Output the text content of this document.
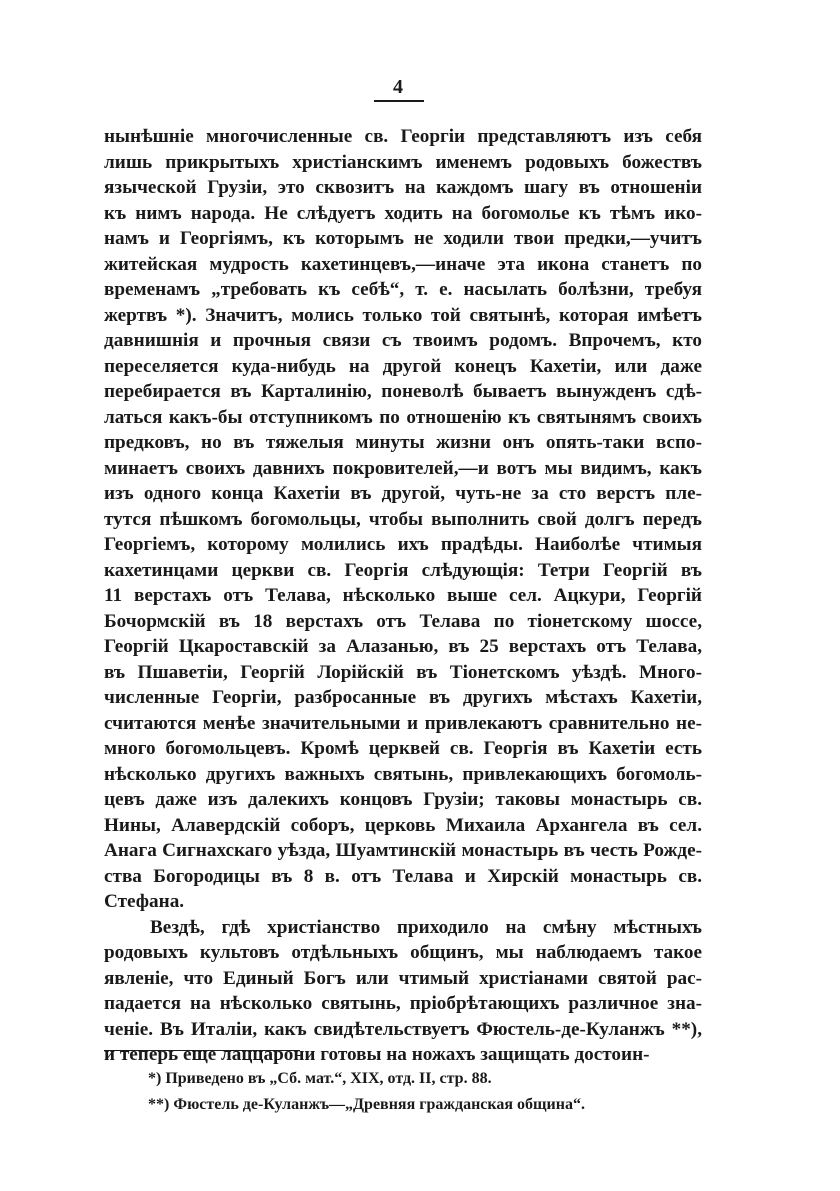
4
нынѣшніе многочисленные св. Георгіи представляютъ изъ себя
лишь прикрытыхъ христіанскимъ именемъ родовыхъ божествъ
языческой Грузіи, это сквозитъ на каждомъ шагу въ отношеніи
къ нимъ народа. Не слѣдуетъ ходить на богомолье къ тѣмъ ико-
намъ и Георгіямъ, къ которымъ не ходили твои предки,—учитъ
житейская мудрость кахетинцевъ,—иначе эта икона станетъ по
временамъ „требовать къ себѣ“, т. е. насылать болѣзни, требуя
жертвъ *). Значитъ, молись только той святынѣ, которая имѣетъ
давнишнія и прочныя связи съ твоимъ родомъ. Впрочемъ, кто
переселяется куда-нибудь на другой конецъ Кахетіи, или даже
перебирается въ Карталинію, поневолѣ бываетъ вынужденъ сдѣ-
латься какъ-бы отступникомъ по отношенію къ святынямъ своихъ
предковъ, но въ тяжелыя минуты жизни онъ опять-таки вспо-
минаетъ своихъ давнихъ покровителей,—и вотъ мы видимъ, какъ
изъ одного конца Кахетіи въ другой, чуть-не за сто верстъ пле-
тутся пѣшкомъ богомольцы, чтобы выполнить свой долгъ передъ
Георгіемъ, которому молились ихъ прадѣды. Наиболѣе чтимыя
кахетинцами церкви св. Георгія слѣдующія: Тетри Георгій въ
11 верстахъ отъ Телава, нѣсколько выше сел. Ацкури, Георгій
Бочормскій въ 18 верстахъ отъ Телава по тіонетскому шоссе,
Георгій Цкароставскій за Алазанью, въ 25 верстахъ отъ Телава,
въ Пшаветіи, Георгій Лорійскій въ Тіонетскомъ уѣздѣ. Много-
численные Георгіи, разбросанные въ другихъ мѣстахъ Кахетіи,
считаются менѣе значительными и привлекаютъ сравнительно не-
много богомольцевъ. Кромѣ церквей св. Георгія въ Кахетіи есть
нѣсколько другихъ важныхъ святынь, привлекающихъ богомоль-
цевъ даже изъ далекихъ концовъ Грузіи; таковы монастырь св.
Нины, Алавердскій соборъ, церковь Михаила Архангела въ сел.
Анага Сигнахскаго уѣзда, Шуамтинскій монастырь въ честь Рожде-
ства Богородицы въ 8 в. отъ Телава и Хирскій монастырь св.
Стефана.
Вездѣ, гдѣ христіанство приходило на смѣну мѣстныхъ
родовыхъ культовъ отдѣльныхъ общинъ, мы наблюдаемъ такое
явленіе, что Единый Богъ или чтимый христіанами святой рас-
падается на нѣсколько святынь, пріобрѣтающихъ различное зна-
ченіе. Въ Италіи, какъ свидѣтельствуетъ Фюстель-де-Куланжъ **),
и теперь еще лаццарони готовы на ножахъ защищать достоин-
*) Приведено въ „Сб. мат.“, XIX, отд. II, стр. 88.
**) Фюстель де-Куланжъ—„Древняя гражданская община“.
